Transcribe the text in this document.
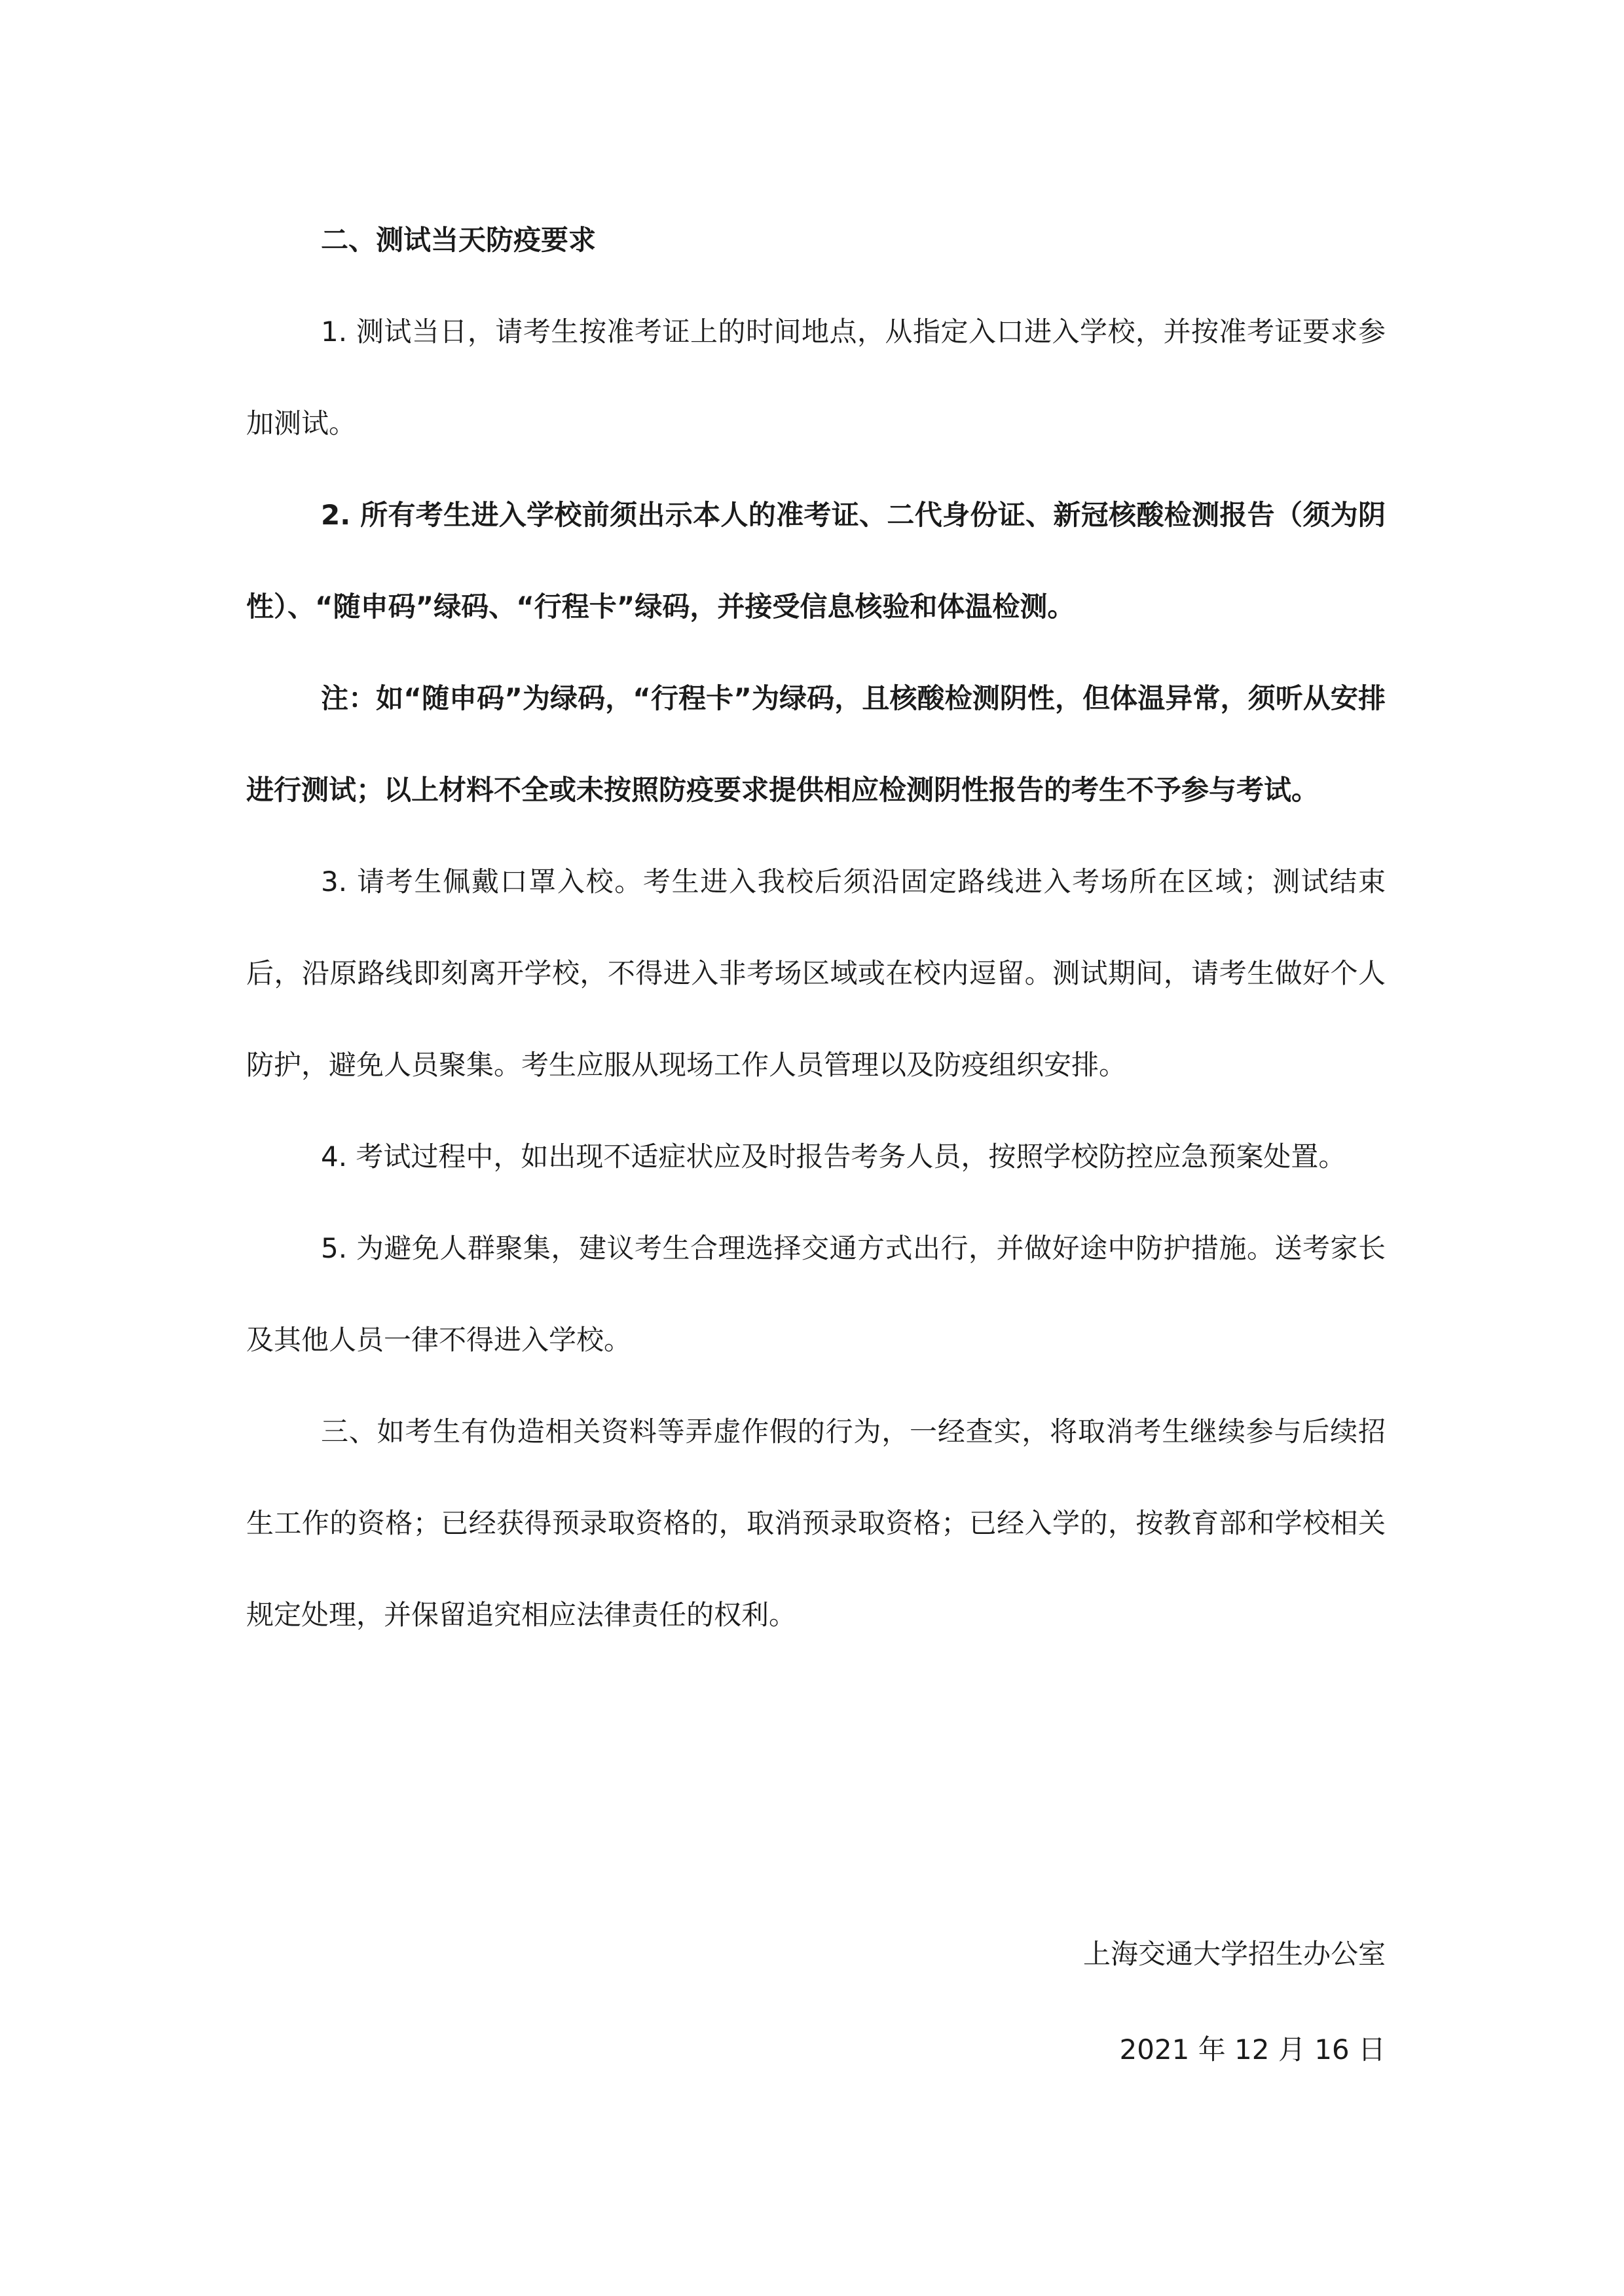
二、测试当天防疫要求

1. 测试当日，请考生按准考证上的时间地点，从指定入口进入学校，并按准考证要求参加测试。

2. 所有考生进入学校前须出示本人的准考证、二代身份证、新冠核酸检测报告（须为阴性）、“随申码”绿码、“行程卡”绿码，并接受信息核验和体温检测。

注：如“随申码”为绿码，“行程卡”为绿码，且核酸检测阴性，但体温异常，须听从安排进行测试；以上材料不全或未按照防疫要求提供相应检测阴性报告的考生不予参与考试。

3. 请考生佩戴口罩入校。考生进入我校后须沿固定路线进入考场所在区域；测试结束后，沿原路线即刻离开学校，不得进入非考场区域或在校内逗留。测试期间，请考生做好个人防护，避免人员聚集。考生应服从现场工作人员管理以及防疫组织安排。

4. 考试过程中，如出现不适症状应及时报告考务人员，按照学校防控应急预案处置。

5. 为避免人群聚集，建议考生合理选择交通方式出行，并做好途中防护措施。送考家长及其他人员一律不得进入学校。

三、如考生有伪造相关资料等弄虚作假的行为，一经查实，将取消考生继续参与后续招生工作的资格；已经获得预录取资格的，取消预录取资格；已经入学的，按教育部和学校相关规定处理，并保留追究相应法律责任的权利。

上海交通大学招生办公室
2021 年 12 月 16 日
